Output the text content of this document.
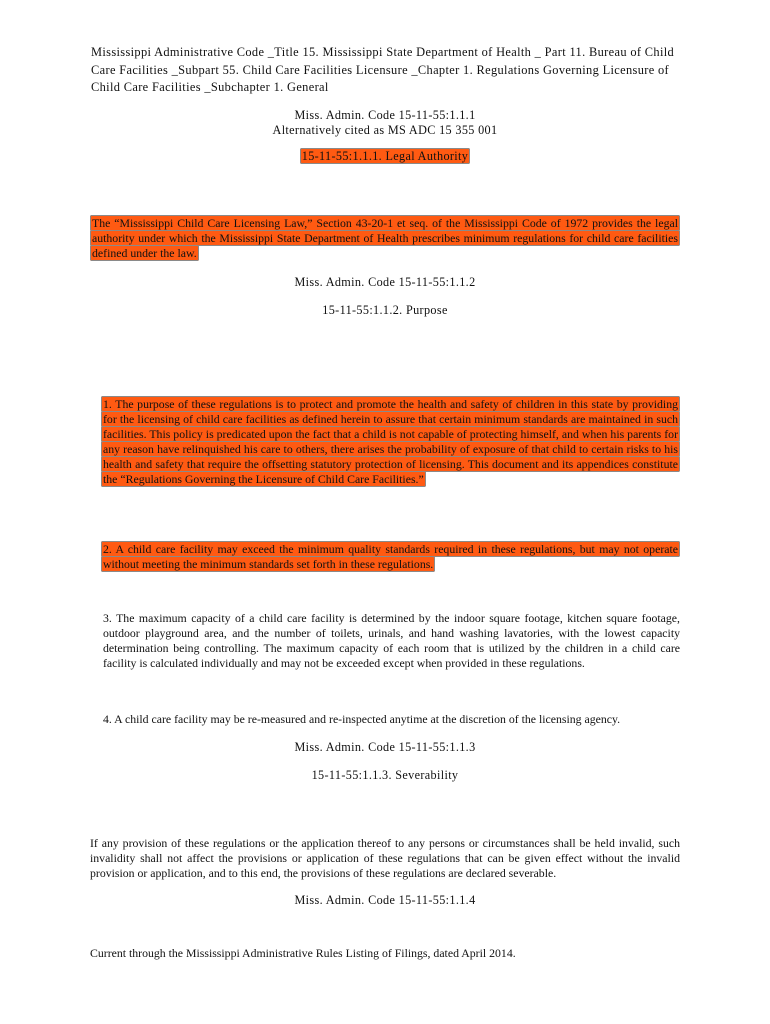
Mississippi Administrative Code _Title 15. Mississippi State Department of Health _ Part 11. Bureau of Child Care Facilities _Subpart 55. Child Care Facilities Licensure _Chapter 1. Regulations Governing Licensure of Child Care Facilities _Subchapter 1. General
Miss. Admin. Code 15-11-55:1.1.1
Alternatively cited as MS ADC 15 355 001
15-11-55:1.1.1. Legal Authority
The “Mississippi Child Care Licensing Law,” Section 43-20-1 et seq. of the Mississippi Code of 1972 provides the legal authority under which the Mississippi State Department of Health prescribes minimum regulations for child care facilities defined under the law.
Miss. Admin. Code 15-11-55:1.1.2
15-11-55:1.1.2. Purpose
1. The purpose of these regulations is to protect and promote the health and safety of children in this state by providing for the licensing of child care facilities as defined herein to assure that certain minimum standards are maintained in such facilities. This policy is predicated upon the fact that a child is not capable of protecting himself, and when his parents for any reason have relinquished his care to others, there arises the probability of exposure of that child to certain risks to his health and safety that require the offsetting statutory protection of licensing. This document and its appendices constitute the “Regulations Governing the Licensure of Child Care Facilities.”
2. A child care facility may exceed the minimum quality standards required in these regulations, but may not operate without meeting the minimum standards set forth in these regulations.
3. The maximum capacity of a child care facility is determined by the indoor square footage, kitchen square footage, outdoor playground area, and the number of toilets, urinals, and hand washing lavatories, with the lowest capacity determination being controlling. The maximum capacity of each room that is utilized by the children in a child care facility is calculated individually and may not be exceeded except when provided in these regulations.
4. A child care facility may be re-measured and re-inspected anytime at the discretion of the licensing agency.
Miss. Admin. Code 15-11-55:1.1.3
15-11-55:1.1.3. Severability
If any provision of these regulations or the application thereof to any persons or circumstances shall be held invalid, such invalidity shall not affect the provisions or application of these regulations that can be given effect without the invalid provision or application, and to this end, the provisions of these regulations are declared severable.
Miss. Admin. Code 15-11-55:1.1.4
Current through the Mississippi Administrative Rules Listing of Filings, dated April 2014.
